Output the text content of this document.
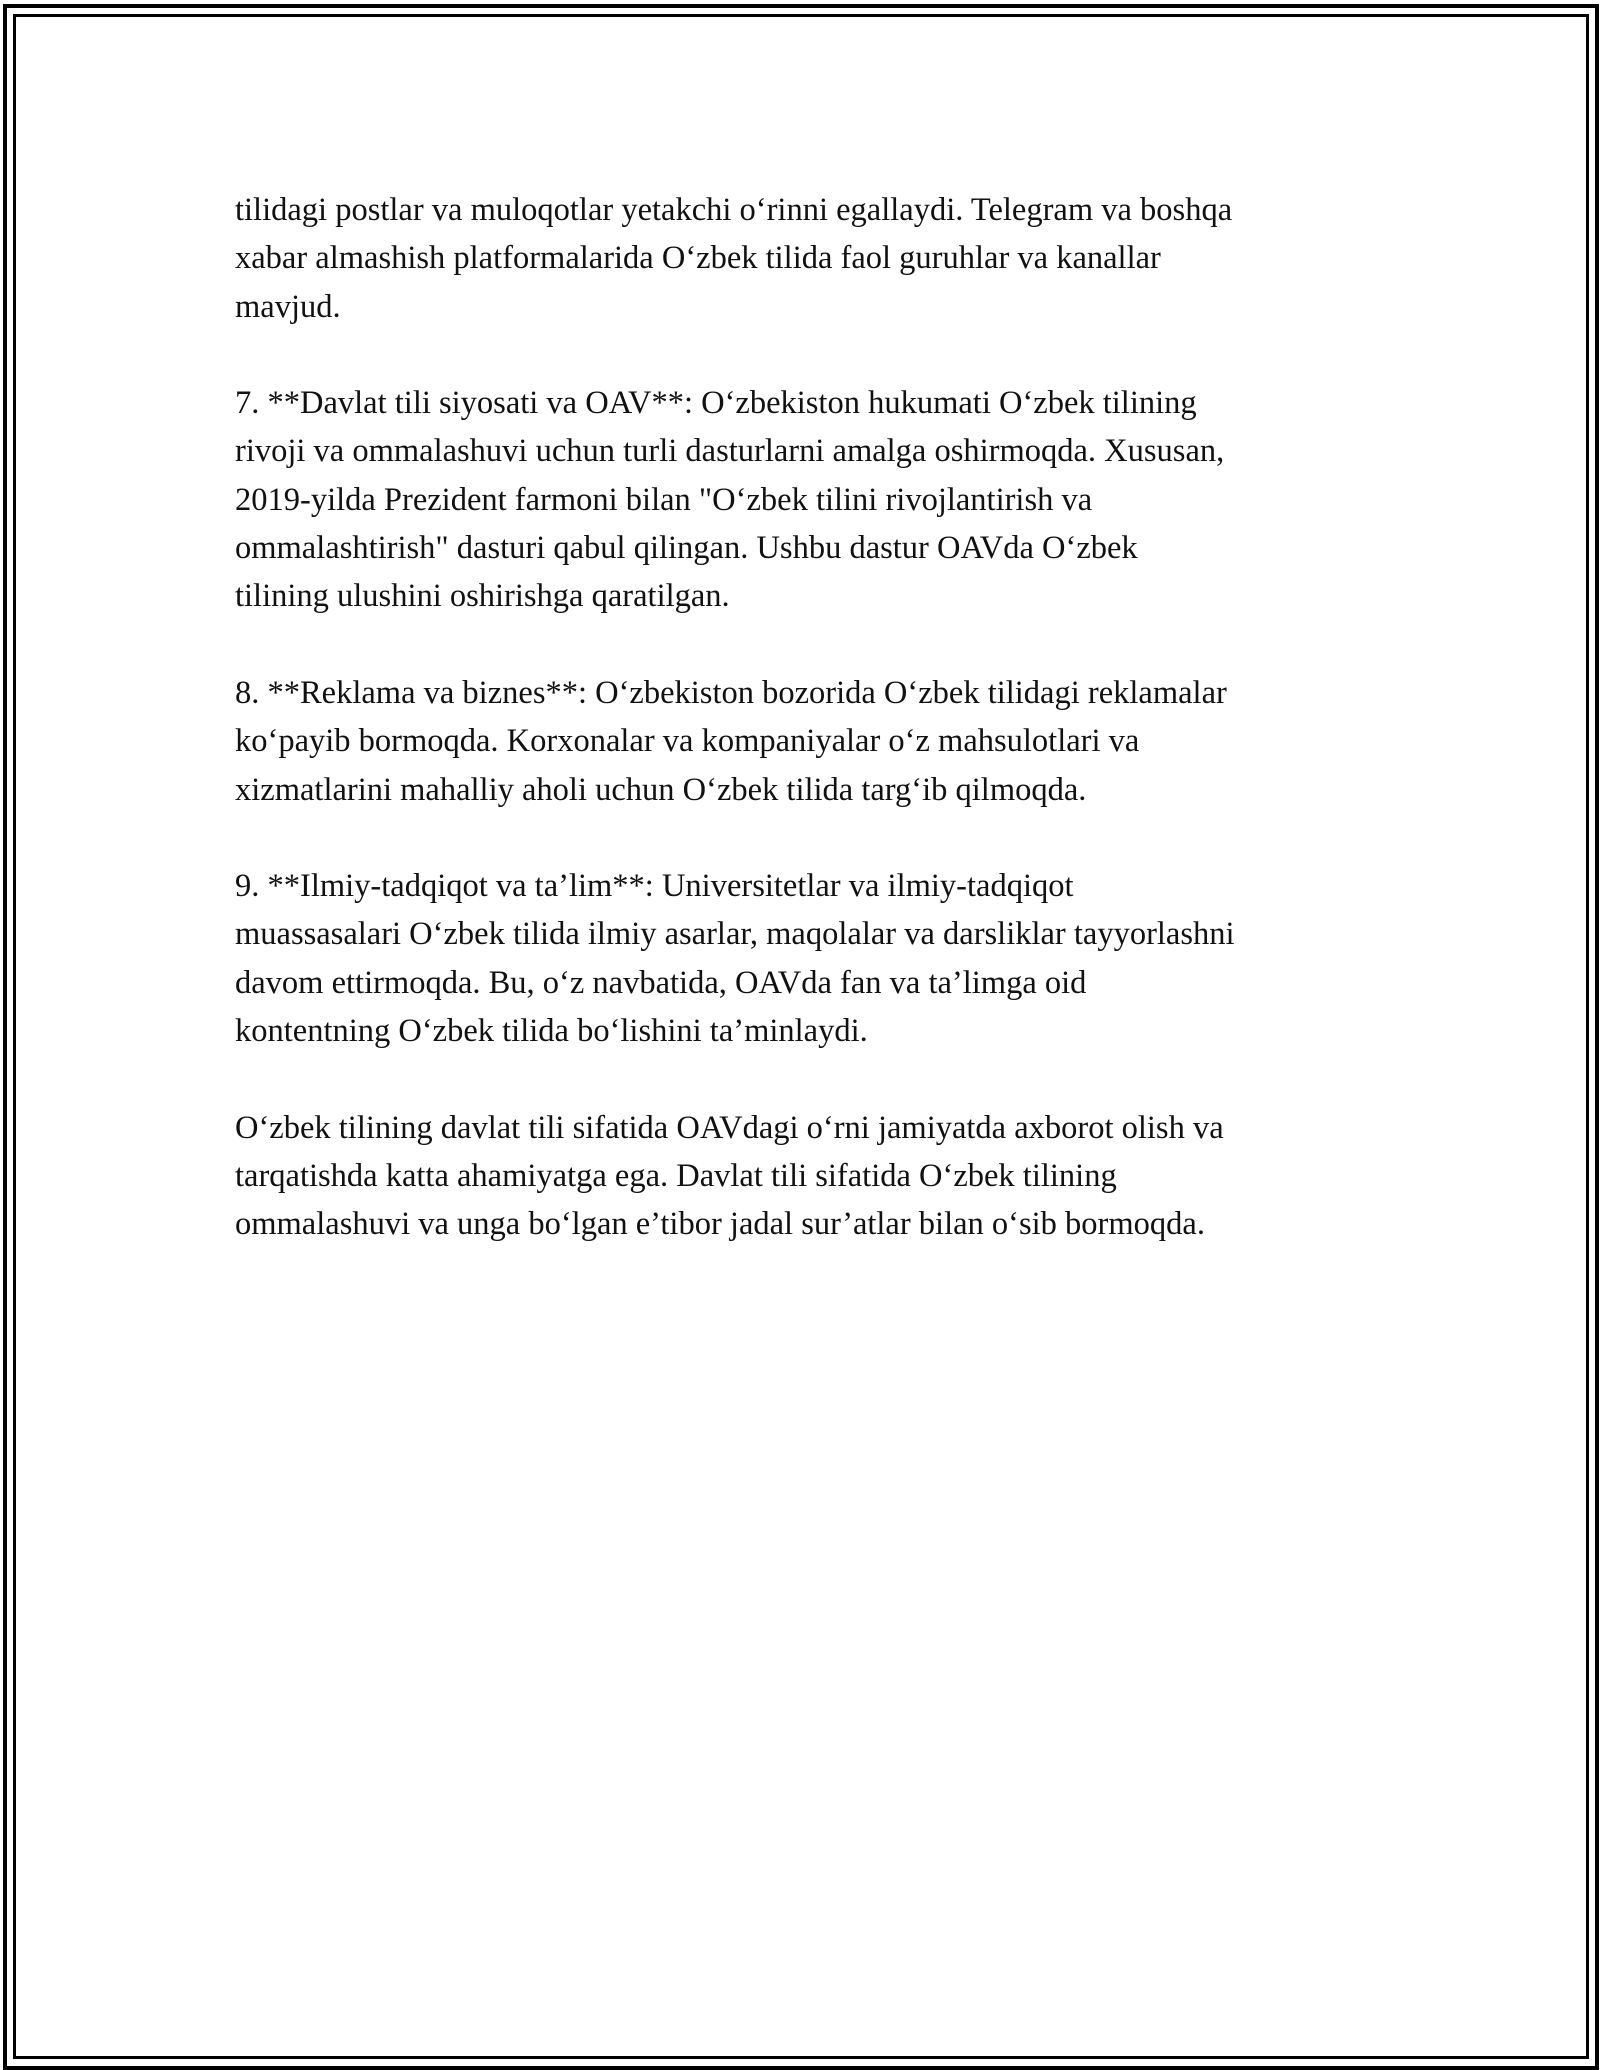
tilidagi postlar va muloqotlar yetakchi o‘rinni egallaydi. Telegram va boshqa
xabar almashish platformalarida O‘zbek tilida faol guruhlar va kanallar
mavjud.

7. **Davlat tili siyosati va OAV**: O‘zbekiston hukumati O‘zbek tilining
rivoji va ommalashuvi uchun turli dasturlarni amalga oshirmoqda. Xususan,
2019-yilda Prezident farmoni bilan "O‘zbek tilini rivojlantirish va
ommalashtirish" dasturi qabul qilingan. Ushbu dastur OAVda O‘zbek
tilining ulushini oshirishga qaratilgan.

8. **Reklama va biznes**: O‘zbekiston bozorida O‘zbek tilidagi reklamalar
ko‘payib bormoqda. Korxonalar va kompaniyalar o‘z mahsulotlari va
xizmatlarini mahalliy aholi uchun O‘zbek tilida targ‘ib qilmoqda.

9. **Ilmiy-tadqiqot va ta’lim**: Universitetlar va ilmiy-tadqiqot
muassasalari O‘zbek tilida ilmiy asarlar, maqolalar va darsliklar tayyorlashni
davom ettirmoqda. Bu, o‘z navbatida, OAVda fan va ta’limga oid
kontentning O‘zbek tilida bo‘lishini ta’minlaydi.

O‘zbek tilining davlat tili sifatida OAVdagi o‘rni jamiyatda axborot olish va
tarqatishda katta ahamiyatga ega. Davlat tili sifatida O‘zbek tilining
ommalashuvi va unga bo‘lgan e’tibor jadal sur’atlar bilan o‘sib bormoqda.
